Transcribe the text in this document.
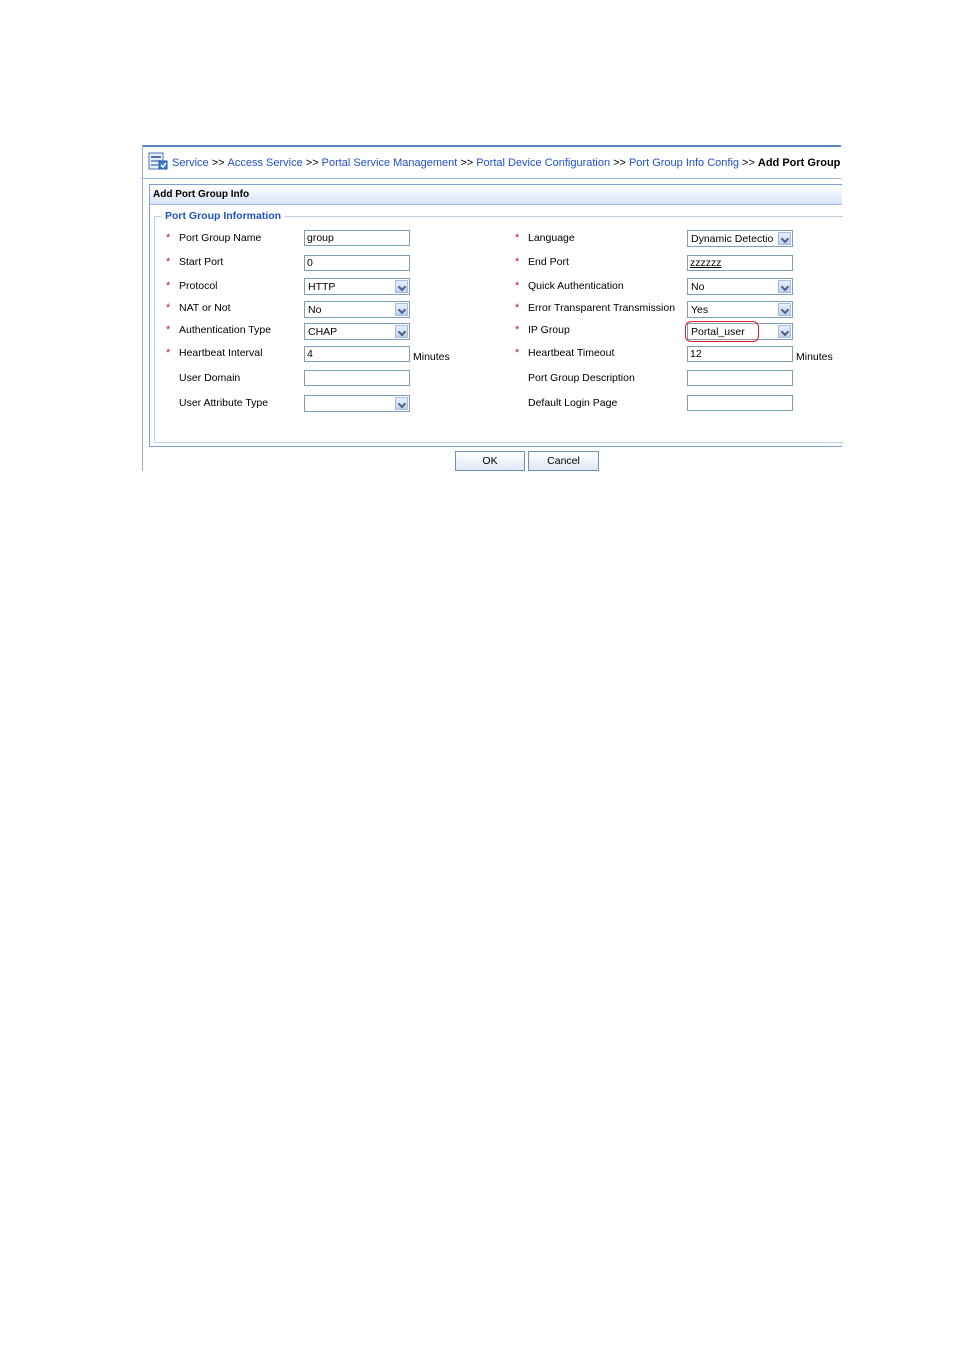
Service >> Access Service >> Portal Service Management >> Portal Device Configuration >> Port Group Info Config >> Add Port Group
Add Port Group Info
Port Group Information
* Port Group Name	group
* Start Port	0
* Protocol	HTTP
* NAT or Not	No
* Authentication Type	CHAP
* Heartbeat Interval	4	Minutes
User Domain
User Attribute Type
* Language	Dynamic Detectio
* End Port	zzzzzz
* Quick Authentication	No
* Error Transparent Transmission Yes
* IP Group	Portal_user
* Heartbeat Timeout	12	Minutes
Port Group Description
Default Login Page
OK	Cancel
